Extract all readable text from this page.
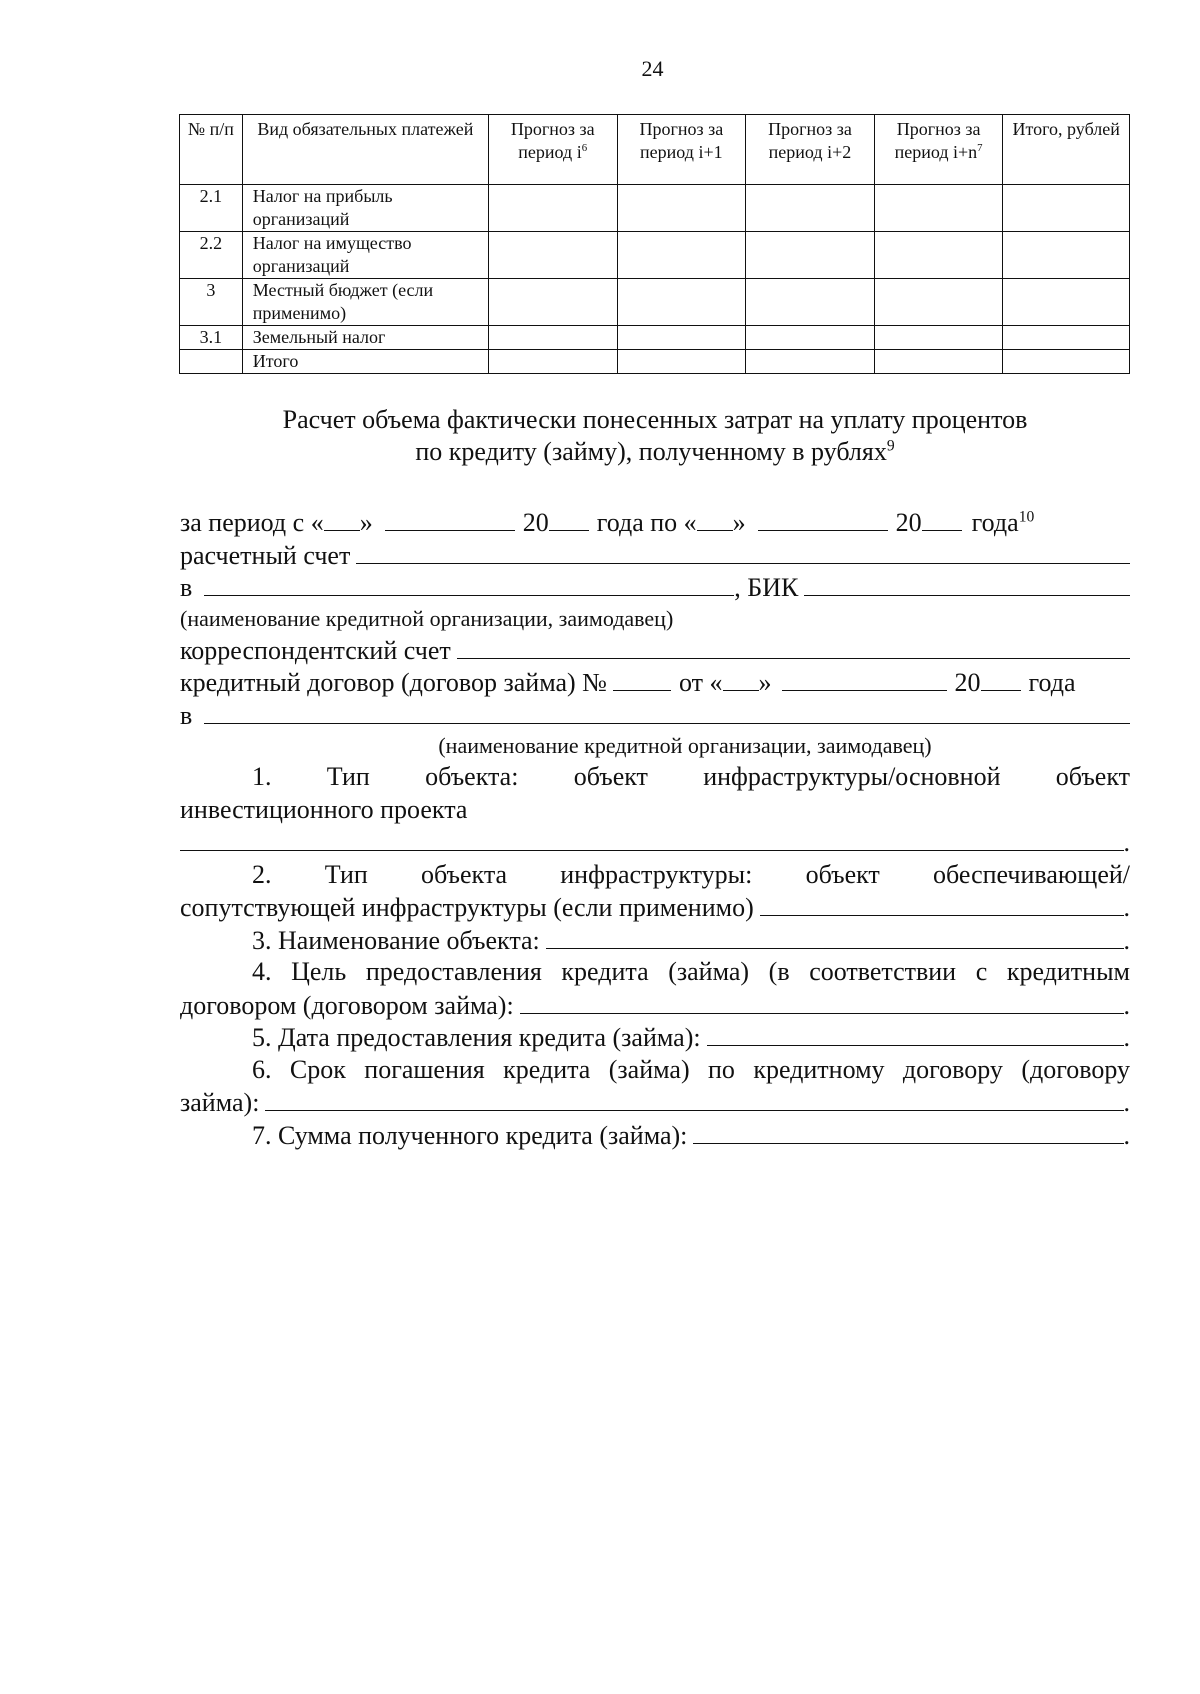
24
№ п/п	Вид обязательных платежей	Прогноз за период $i^6$	Прогноз за период i+1	Прогноз за период i+2	Прогноз за период $i+n^7$	Итого, рублей
2.1	Налог на прибыль организаций					
2.2	Налог на имущество организаций					
3	Местный бюджет (если применимо)					
3.1	Земельный налог					
	Итого					
Расчет объема фактически понесенных затрат на уплату процентов
по кредиту (займу), полученному в рублях$^9$
за период с « »	20 года по « »	20 года$^{10}$
расчетный счет
в	, БИК
(наименование кредитной организации, заимодавец)
корреспондентский счет
кредитный договор (договор займа) №	от « »	20 года
в
(наименование кредитной организации, заимодавец)
1. Тип объекта: объект инфраструктуры/основной объект
инвестиционного проекта
.
2. Тип объекта инфраструктуры: объект обеспечивающей/
сопутствующей инфраструктуры (если применимо)	.
3. Наименование объекта:	.
4. Цель предоставления кредита (займа) (в соответствии с кредитным
договором (договором займа):	.
5. Дата предоставления кредита (займа):	.
6. Срок погашения кредита (займа) по кредитному договору (договору
займа):	.
7. Сумма полученного кредита (займа):	.
